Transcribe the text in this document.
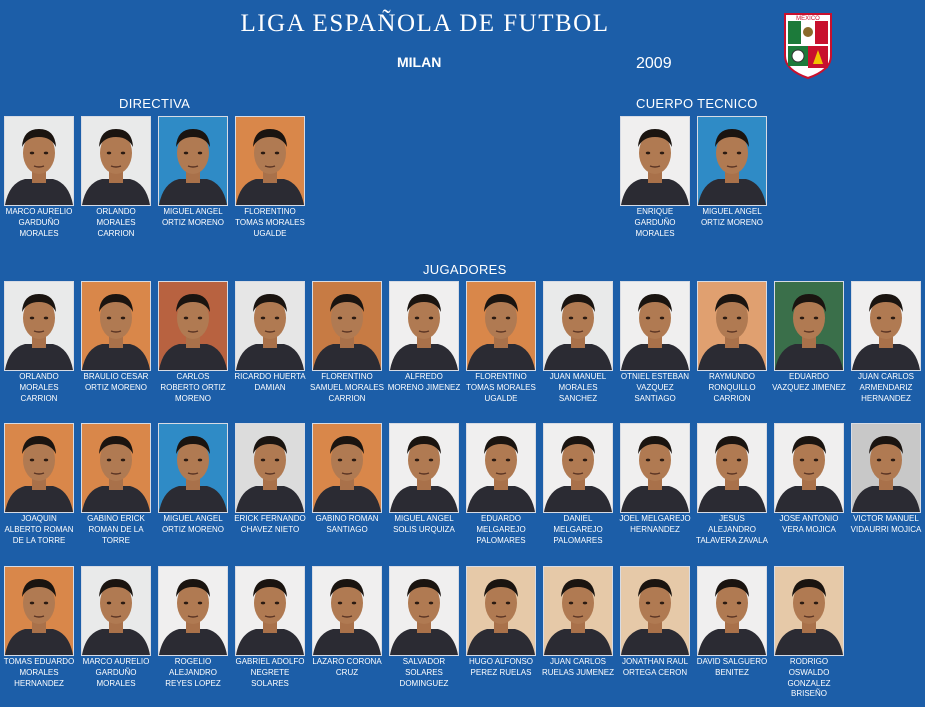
LIGA ESPAÑOLA DE FUTBOL
MILAN	2009
MEXICO
DIRECTIVA	CUERPO TECNICO
JUGADORES
MARCO AURELIO GARDUÑO MORALES
ORLANDO MORALES CARRION
MIGUEL ANGEL ORTIZ MORENO
FLORENTINO TOMAS MORALES UGALDE
ENRIQUE GARDUÑO MORALES
MIGUEL ANGEL ORTIZ MORENO
ORLANDO MORALES CARRION
BRAULIO CESAR ORTIZ MORENO
CARLOS ROBERTO ORTIZ MORENO
RICARDO HUERTA DAMIAN
FLORENTINO SAMUEL MORALES CARRION
ALFREDO MORENO JIMENEZ
FLORENTINO TOMAS MORALES UGALDE
JUAN MANUEL MORALES SANCHEZ
OTNIEL ESTEBAN VAZQUEZ SANTIAGO
RAYMUNDO RONQUILLO CARRION
EDUARDO VAZQUEZ JIMENEZ
JUAN CARLOS ARMENDARIZ HERNANDEZ
JOAQUIN ALBERTO ROMAN DE LA TORRE
GABINO ERICK ROMAN DE LA TORRE
MIGUEL ANGEL ORTIZ MORENO
ERICK FERNANDO CHAVEZ NIETO
GABINO ROMAN SANTIAGO
MIGUEL ANGEL SOLIS URQUIZA
EDUARDO MELGAREJO PALOMARES
DANIEL MELGAREJO PALOMARES
JOEL MELGAREJO HERNANDEZ
JESUS ALEJANDRO TALAVERA ZAVALA
JOSE ANTONIO VERA MOJICA
VICTOR MANUEL VIDAURRI MOJICA
TOMAS EDUARDO MORALES HERNANDEZ
MARCO AURELIO GARDUÑO MORALES
ROGELIO ALEJANDRO REYES LOPEZ
GABRIEL ADOLFO NEGRETE SOLARES
LAZARO CORONA CRUZ
SALVADOR SOLARES DOMINGUEZ
HUGO ALFONSO PEREZ RUELAS
JUAN CARLOS RUELAS JUMENEZ
JONATHAN RAUL ORTEGA CERON
DAVID SALGUERO BENITEZ
RODRIGO OSWALDO GONZALEZ BRISEÑO
